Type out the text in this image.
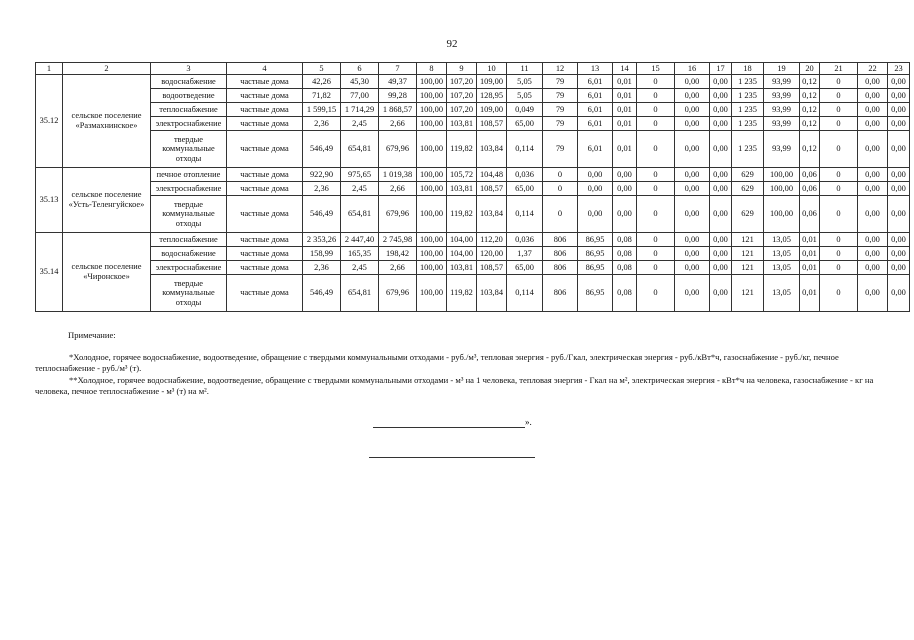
92
1	2	3	4	5	6	7	8	9	10	11	12	13	14	15	16	17	18	19	20	21	22	23
35.12	сельское поселение «Размахнинское»	водоснабжение	частные дома	42,26	45,30	49,37	100,00	107,20	109,00	5,05	79	6,01	0,01	0	0,00	0,00	1 235	93,99	0,12	0	0,00	0,00
		водоотведение	частные дома	71,82	77,00	99,28	100,00	107,20	128,95	5,05	79	6,01	0,01	0	0,00	0,00	1 235	93,99	0,12	0	0,00	0,00
		теплоснабжение	частные дома	1 599,15	1 714,29	1 868,57	100,00	107,20	109,00	0,049	79	6,01	0,01	0	0,00	0,00	1 235	93,99	0,12	0	0,00	0,00
		электроснабжение	частные дома	2,36	2,45	2,66	100,00	103,81	108,57	65,00	79	6,01	0,01	0	0,00	0,00	1 235	93,99	0,12	0	0,00	0,00
		твердые коммунальные отходы	частные дома	546,49	654,81	679,96	100,00	119,82	103,84	0,114	79	6,01	0,01	0	0,00	0,00	1 235	93,99	0,12	0	0,00	0,00
35.13	сельское поселение «Усть-Теленгуйское»	печное отопление	частные дома	922,90	975,65	1 019,38	100,00	105,72	104,48	0,036	0	0,00	0,00	0	0,00	0,00	629	100,00	0,06	0	0,00	0,00
		электроснабжение	частные дома	2,36	2,45	2,66	100,00	103,81	108,57	65,00	0	0,00	0,00	0	0,00	0,00	629	100,00	0,06	0	0,00	0,00
		твердые коммунальные отходы	частные дома	546,49	654,81	679,96	100,00	119,82	103,84	0,114	0	0,00	0,00	0	0,00	0,00	629	100,00	0,06	0	0,00	0,00
35.14	сельское поселение «Чиронское»	теплоснабжение	частные дома	2 353,26	2 447,40	2 745,98	100,00	104,00	112,20	0,036	806	86,95	0,08	0	0,00	0,00	121	13,05	0,01	0	0,00	0,00
		водоснабжение	частные дома	158,99	165,35	198,42	100,00	104,00	120,00	1,37	806	86,95	0,08	0	0,00	0,00	121	13,05	0,01	0	0,00	0,00
		электроснабжение	частные дома	2,36	2,45	2,66	100,00	103,81	108,57	65,00	806	86,95	0,08	0	0,00	0,00	121	13,05	0,01	0	0,00	0,00
		твердые коммунальные отходы	частные дома	546,49	654,81	679,96	100,00	119,82	103,84	0,114	806	86,95	0,08	0	0,00	0,00	121	13,05	0,01	0	0,00	0,00
Примечание:
*Холодное, горячее водоснабжение, водоотведение, обращение с твердыми коммунальными отходами - руб./м³, тепловая энергия - руб./Гкал, электрическая энергия - руб./кВт*ч, газоснабжение - руб./кг, печное теплоснабжение - руб./м³ (т).
**Холодное, горячее водоснабжение, водоотведение, обращение с твердыми коммунальными отходами - м³ на 1 человека, тепловая энергия - Гкал на м², электрическая энергия - кВт*ч на человека, газоснабжение - кг на человека, печное теплоснабжение - м³ (т) на м².
».
